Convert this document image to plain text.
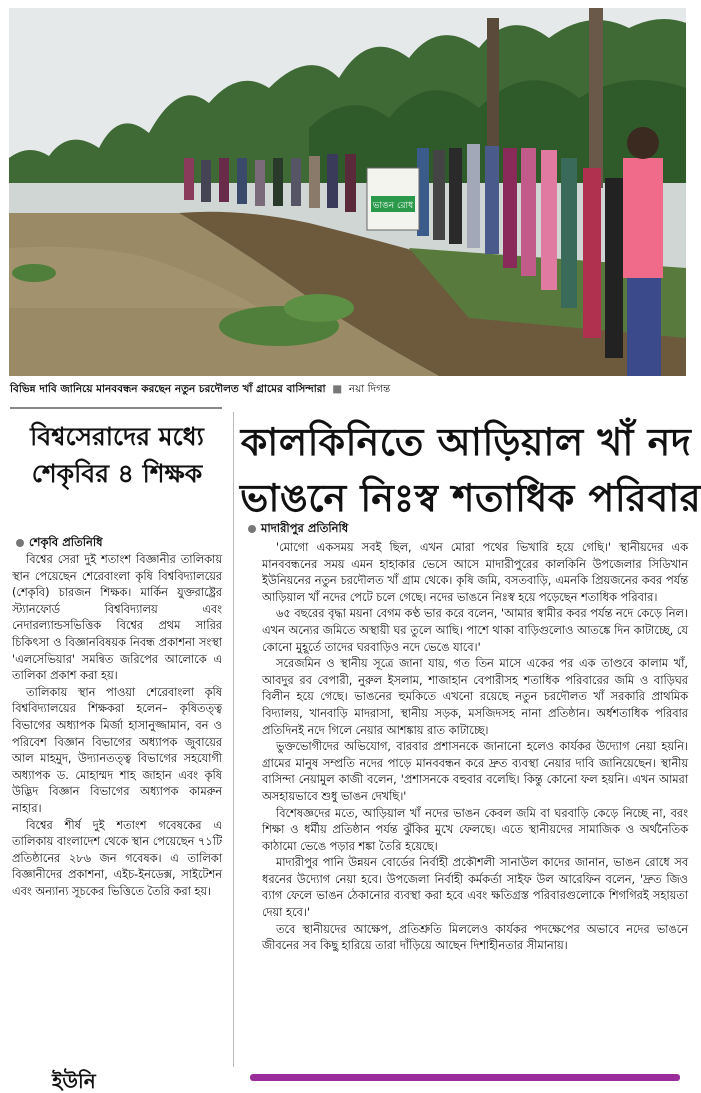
ভাঙন রোধ
বিভিন্ন দাবি জানিয়ে মানববন্ধন করছেন নতুন চরদৌলত খাঁ গ্রামের বাসিন্দারা ■ নয়া দিগন্ত
বিশ্বসেরাদের মধ্যে শেকৃবির ৪ শিক্ষক
শেকৃবি প্রতিনিধি

বিশ্বের সেরা দুই শতাংশ বিজ্ঞানীর তালিকায় স্থান পেয়েছেন শেরেবাংলা কৃষি বিশ্ববিদ্যালয়ের (শেকৃবি) চারজন শিক্ষক। মার্কিন যুক্তরাষ্ট্রের স্ট্যানফোর্ড বিশ্ববিদ্যালয় এবং নেদারল্যান্ডসভিত্তিক বিশ্বের প্রথম সারির চিকিৎসা ও বিজ্ঞানবিষয়ক নিবন্ধ প্রকাশনা সংস্থা 'এলসেভিয়ার' সমন্বিত জরিপের আলোকে এ তালিকা প্রকাশ করা হয়।

তালিকায় স্থান পাওয়া শেরেবাংলা কৃষি বিশ্ববিদ্যালয়ের শিক্ষকরা হলেন– কৃষিতত্ত্ব বিভাগের অধ্যাপক মির্জা হাসানুজ্জামান, বন ও পরিবেশ বিজ্ঞান বিভাগের অধ্যাপক জুবায়ের আল মাহমুদ, উদ্যানতত্ত্ব বিভাগের সহযোগী অধ্যাপক ড. মোহাম্মদ শাহ জাহান এবং কৃষি উদ্ভিদ বিজ্ঞান বিভাগের অধ্যাপক কামরুন নাহার।

বিশ্বের শীর্ষ দুই শতাংশ গবেষকের এ তালিকায় বাংলাদেশ থেকে স্থান পেয়েছেন ৭১টি প্রতিষ্ঠানের ২৮৬ জন গবেষক। এ তালিকা বিজ্ঞানীদের প্রকাশনা, এইচ-ইনডেক্স, সাইটেশন এবং অন্যান্য সূচকের ভিত্তিতে তৈরি করা হয়।

কালকিনিতে আড়িয়াল খাঁ নদ
ভাঙনে নিঃস্ব শতাধিক পরিবার
মাদারীপুর প্রতিনিধি

'মোগো একসময় সবই ছিল, এখন মোরা পথের ভিখারি হয়ে গেছি।' স্থানীয়দের এক মানববন্ধনের সময় এমন হাহাকার ভেসে আসে মাদারীপুরের কালকিনি উপজেলার সিডিখান ইউনিয়নের নতুন চরদৌলত খাঁ গ্রাম থেকে। কৃষি জমি, বসতবাড়ি, এমনকি প্রিয়জনের কবর পর্যন্ত আড়িয়াল খাঁ নদের পেটে চলে গেছে। নদের ভাঙনে নিঃস্ব হয়ে পড়েছেন শতাধিক পরিবার।

৬৫ বছরের বৃদ্ধা ময়না বেগম কণ্ঠ ভার করে বলেন, 'আমার স্বামীর কবর পর্যন্ত নদে কেড়ে নিল। এখন অন্যের জমিতে অস্থায়ী ঘর তুলে আছি। পাশে থাকা বাড়িগুলোও আতঙ্কে দিন কাটাচ্ছে, যে কোনো মুহূর্তে তাদের ঘরবাড়িও নদে ভেঙে যাবে।'

সরেজমিন ও স্থানীয় সূত্রে জানা যায়, গত তিন মাসে একের পর এক তাণ্ডবে কালাম খাঁ, আবদুর রব বেপারী, নুরুল ইসলাম, শাজাহান বেপারীসহ শতাধিক পরিবারের জমি ও বাড়িঘর বিলীন হয়ে গেছে। ভাঙনের হুমকিতে এখনো রয়েছে নতুন চরদৌলত খাঁ সরকারি প্রাথমিক বিদ্যালয়, খানবাড়ি মাদরাসা, স্থানীয় সড়ক, মসজিদসহ নানা প্রতিষ্ঠান। অর্ধশতাধিক পরিবার প্রতিদিনই নদে গিলে নেয়ার আশঙ্কায় রাত কাটাচ্ছে।

ভুক্তভোগীদের অভিযোগ, বারবার প্রশাসনকে জানানো হলেও কার্যকর উদ্যোগ নেয়া হয়নি। গ্রামের মানুষ সম্প্রতি নদের পাড়ে মানববন্ধন করে দ্রুত ব্যবস্থা নেয়ার দাবি জানিয়েছেন। স্থানীয় বাসিন্দা নেয়ামুল কাজী বলেন, 'প্রশাসনকে বহুবার বলেছি। কিন্তু কোনো ফল হয়নি। এখন আমরা অসহায়ভাবে শুধু ভাঙন দেখছি।'

বিশেষজ্ঞদের মতে, আড়িয়াল খাঁ নদের ভাঙন কেবল জমি বা ঘরবাড়ি কেড়ে নিচ্ছে না, বরং শিক্ষা ও ধর্মীয় প্রতিষ্ঠান পর্যন্ত ঝুঁকির মুখে ফেলছে। এতে স্থানীয়দের সামাজিক ও অর্থনৈতিক কাঠামো ভেঙে পড়ার শঙ্কা তৈরি হয়েছে।

মাদারীপুর পানি উন্নয়ন বোর্ডের নির্বাহী প্রকৌশলী সানাউল কাদের জানান, ভাঙন রোধে সব ধরনের উদ্যোগ নেয়া হবে। উপজেলা নির্বাহী কর্মকর্তা সাইফ উল আরেফিন বলেন, 'দ্রুত জিও ব্যাগ ফেলে ভাঙন ঠেকানোর ব্যবস্থা করা হবে এবং ক্ষতিগ্রস্ত পরিবারগুলোকে শিগগিরই সহায়তা দেয়া হবে।'

তবে স্থানীয়দের আক্ষেপ, প্রতিশ্রুতি মিললেও কার্যকর পদক্ষেপের অভাবে নদের ভাঙনে জীবনের সব কিছু হারিয়ে তারা দাঁড়িয়ে আছেন দিশাহীনতার সীমানায়।

ইউনি
